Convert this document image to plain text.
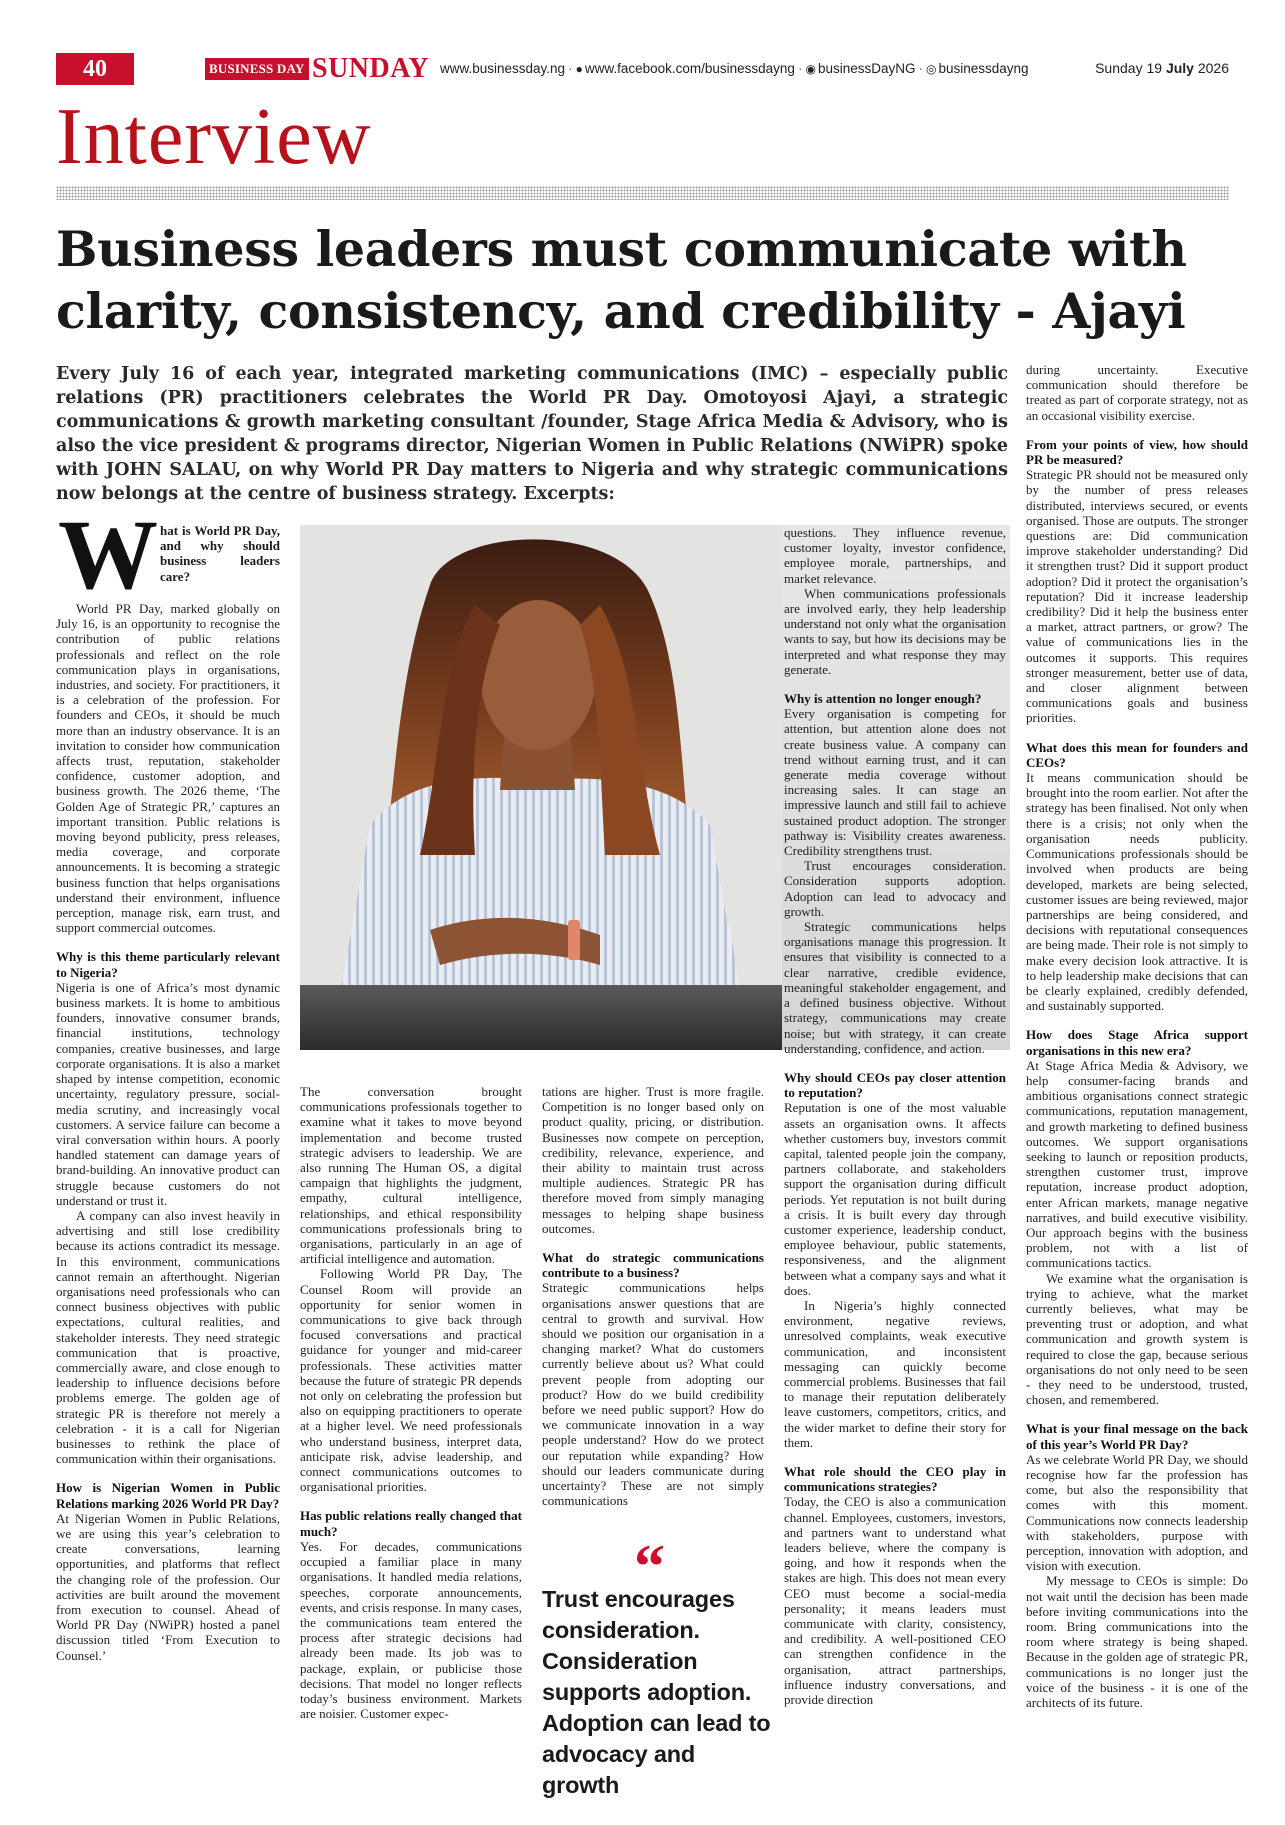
40	BUSINESS DAY SUNDAY www.businessday.ng · ● www.facebook.com/businessdayng · ◉ businessDayNG · ◎ businessdayng	Sunday 19 July 2026
Interview
Business leaders must communicate with clarity, consistency, and credibility - Ajayi

Every July 16 of each year, integrated marketing communications (IMC) – especially public relations (PR) practitioners celebrates the World PR Day. Omotoyosi Ajayi, a strategic communications & growth marketing consultant /founder, Stage Africa Media & Advisory, who is also the vice president & programs director, Nigerian Women in Public Relations (NWiPR) spoke with JOHN SALAU, on why World PR Day matters to Nigeria and why strategic communications now belongs at the centre of business strategy. Excerpts:

W hat is World PR Day, and why should business leaders care?

World PR Day, marked globally on July 16, is an opportunity to recognise the contribution of public relations professionals and reflect on the role communication plays in organisations, industries, and society. For practitioners, it is a celebration of the profession. For founders and CEOs, it should be much more than an industry observance. It is an invitation to consider how communication affects trust, reputation, stakeholder confidence, customer adoption, and business growth. The 2026 theme, ‘The Golden Age of Strategic PR,’ captures an important transition. Public relations is moving beyond publicity, press releases, media coverage, and corporate announcements. It is becoming a strategic business function that helps organisations understand their environment, influence perception, manage risk, earn trust, and support commercial outcomes.

Why is this theme particularly relevant to Nigeria?

Nigeria is one of Africa’s most dynamic business markets. It is home to ambitious founders, innovative consumer brands, financial institutions, technology companies, creative businesses, and large corporate organisations. It is also a market shaped by intense competition, economic uncertainty, regulatory pressure, social-media scrutiny, and increasingly vocal customers. A service failure can become a viral conversation within hours. A poorly handled statement can damage years of brand-building. An innovative product can struggle because customers do not understand or trust it.

A company can also invest heavily in advertising and still lose credibility because its actions contradict its message. In this environment, communications cannot remain an afterthought. Nigerian organisations need professionals who can connect business objectives with public expectations, cultural realities, and stakeholder interests. They need strategic communication that is proactive, commercially aware, and close enough to leadership to influence decisions before problems emerge. The golden age of strategic PR is therefore not merely a celebration - it is a call for Nigerian businesses to rethink the place of communication within their organisations.

How is Nigerian Women in Public Relations marking 2026 World PR Day?

At Nigerian Women in Public Relations, we are using this year’s celebration to create conversations, learning opportunities, and platforms that reflect the changing role of the profession. Our activities are built around the movement from execution to counsel. Ahead of World PR Day (NWiPR) hosted a panel discussion titled ‘From Execution to Counsel.’

The conversation brought communications professionals together to examine what it takes to move beyond implementation and become trusted strategic advisers to leadership. We are also running The Human OS, a digital campaign that highlights the judgment, empathy, cultural intelligence, relationships, and ethical responsibility communications professionals bring to organisations, particularly in an age of artificial intelligence and automation.

Following World PR Day, The Counsel Room will provide an opportunity for senior women in communications to give back through focused conversations and practical guidance for younger and mid-career professionals. These activities matter because the future of strategic PR depends not only on celebrating the profession but also on equipping practitioners to operate at a higher level. We need professionals who understand business, interpret data, anticipate risk, advise leadership, and connect communications outcomes to organisational priorities.

Has public relations really changed that much?

Yes. For decades, communications occupied a familiar place in many organisations. It handled media relations, speeches, corporate announcements, events, and crisis response. In many cases, the communications team entered the process after strategic decisions had already been made. Its job was to package, explain, or publicise those decisions. That model no longer reflects today’s business environment. Markets are noisier. Customer expec-

tations are higher. Trust is more fragile. Competition is no longer based only on product quality, pricing, or distribution. Businesses now compete on perception, credibility, relevance, experience, and their ability to maintain trust across multiple audiences. Strategic PR has therefore moved from simply managing messages to helping shape business outcomes.

What do strategic communications contribute to a business?

Strategic communications helps organisations answer questions that are central to growth and survival. How should we position our organisation in a changing market? What do customers currently believe about us? What could prevent people from adopting our product? How do we build credibility before we need public support? How do we communicate innovation in a way people understand? How do we protect our reputation while expanding? How should our leaders communicate during uncertainty? These are not simply communications

“

Trust encourages consideration. Consideration supports adoption. Adoption can lead to advocacy and growth

questions. They influence revenue, customer loyalty, investor confidence, employee morale, partnerships, and market relevance.

When communications professionals are involved early, they help leadership understand not only what the organisation wants to say, but how its decisions may be interpreted and what response they may generate.

Why is attention no longer enough?

Every organisation is competing for attention, but attention alone does not create business value. A company can trend without earning trust, and it can generate media coverage without increasing sales. It can stage an impressive launch and still fail to achieve sustained product adoption. The stronger pathway is: Visibility creates awareness. Credibility strengthens trust.

Trust encourages consideration. Consideration supports adoption. Adoption can lead to advocacy and growth.

Strategic communications helps organisations manage this progression. It ensures that visibility is connected to a clear narrative, credible evidence, meaningful stakeholder engagement, and a defined business objective. Without strategy, communications may create noise; but with strategy, it can create understanding, confidence, and action.

Why should CEOs pay closer attention to reputation?

Reputation is one of the most valuable assets an organisation owns. It affects whether customers buy, investors commit capital, talented people join the company, partners collaborate, and stakeholders support the organisation during difficult periods. Yet reputation is not built during a crisis. It is built every day through customer experience, leadership conduct, employee behaviour, public statements, responsiveness, and the alignment between what a company says and what it does.

In Nigeria’s highly connected environment, negative reviews, unresolved complaints, weak executive communication, and inconsistent messaging can quickly become commercial problems. Businesses that fail to manage their reputation deliberately leave customers, competitors, critics, and the wider market to define their story for them.

What role should the CEO play in communications strategies?

Today, the CEO is also a communication channel. Employees, customers, investors, and partners want to understand what leaders believe, where the company is going, and how it responds when the stakes are high. This does not mean every CEO must become a social-media personality; it means leaders must communicate with clarity, consistency, and credibility. A well-positioned CEO can strengthen confidence in the organisation, attract partnerships, influence industry conversations, and provide direction

during uncertainty. Executive communication should therefore be treated as part of corporate strategy, not as an occasional visibility exercise.

From your points of view, how should PR be measured?

Strategic PR should not be measured only by the number of press releases distributed, interviews secured, or events organised. Those are outputs. The stronger questions are: Did communication improve stakeholder understanding? Did it strengthen trust? Did it support product adoption? Did it protect the organisation’s reputation? Did it increase leadership credibility? Did it help the business enter a market, attract partners, or grow? The value of communications lies in the outcomes it supports. This requires stronger measurement, better use of data, and closer alignment between communications goals and business priorities.

What does this mean for founders and CEOs?

It means communication should be brought into the room earlier. Not after the strategy has been finalised. Not only when there is a crisis; not only when the organisation needs publicity. Communications professionals should be involved when products are being developed, markets are being selected, customer issues are being reviewed, major partnerships are being considered, and decisions with reputational consequences are being made. Their role is not simply to make every decision look attractive. It is to help leadership make decisions that can be clearly explained, credibly defended, and sustainably supported.

How does Stage Africa support organisations in this new era?

At Stage Africa Media & Advisory, we help consumer-facing brands and ambitious organisations connect strategic communications, reputation management, and growth marketing to defined business outcomes. We support organisations seeking to launch or reposition products, strengthen customer trust, improve reputation, increase product adoption, enter African markets, manage negative narratives, and build executive visibility. Our approach begins with the business problem, not with a list of communications tactics.

We examine what the organisation is trying to achieve, what the market currently believes, what may be preventing trust or adoption, and what communication and growth system is required to close the gap, because serious organisations do not only need to be seen - they need to be understood, trusted, chosen, and remembered.

What is your final message on the back of this year’s World PR Day?

As we celebrate World PR Day, we should recognise how far the profession has come, but also the responsibility that comes with this moment. Communications now connects leadership with stakeholders, purpose with perception, innovation with adoption, and vision with execution.

My message to CEOs is simple: Do not wait until the decision has been made before inviting communications into the room. Bring communications into the room where strategy is being shaped. Because in the golden age of strategic PR, communications is no longer just the voice of the business - it is one of the architects of its future.
